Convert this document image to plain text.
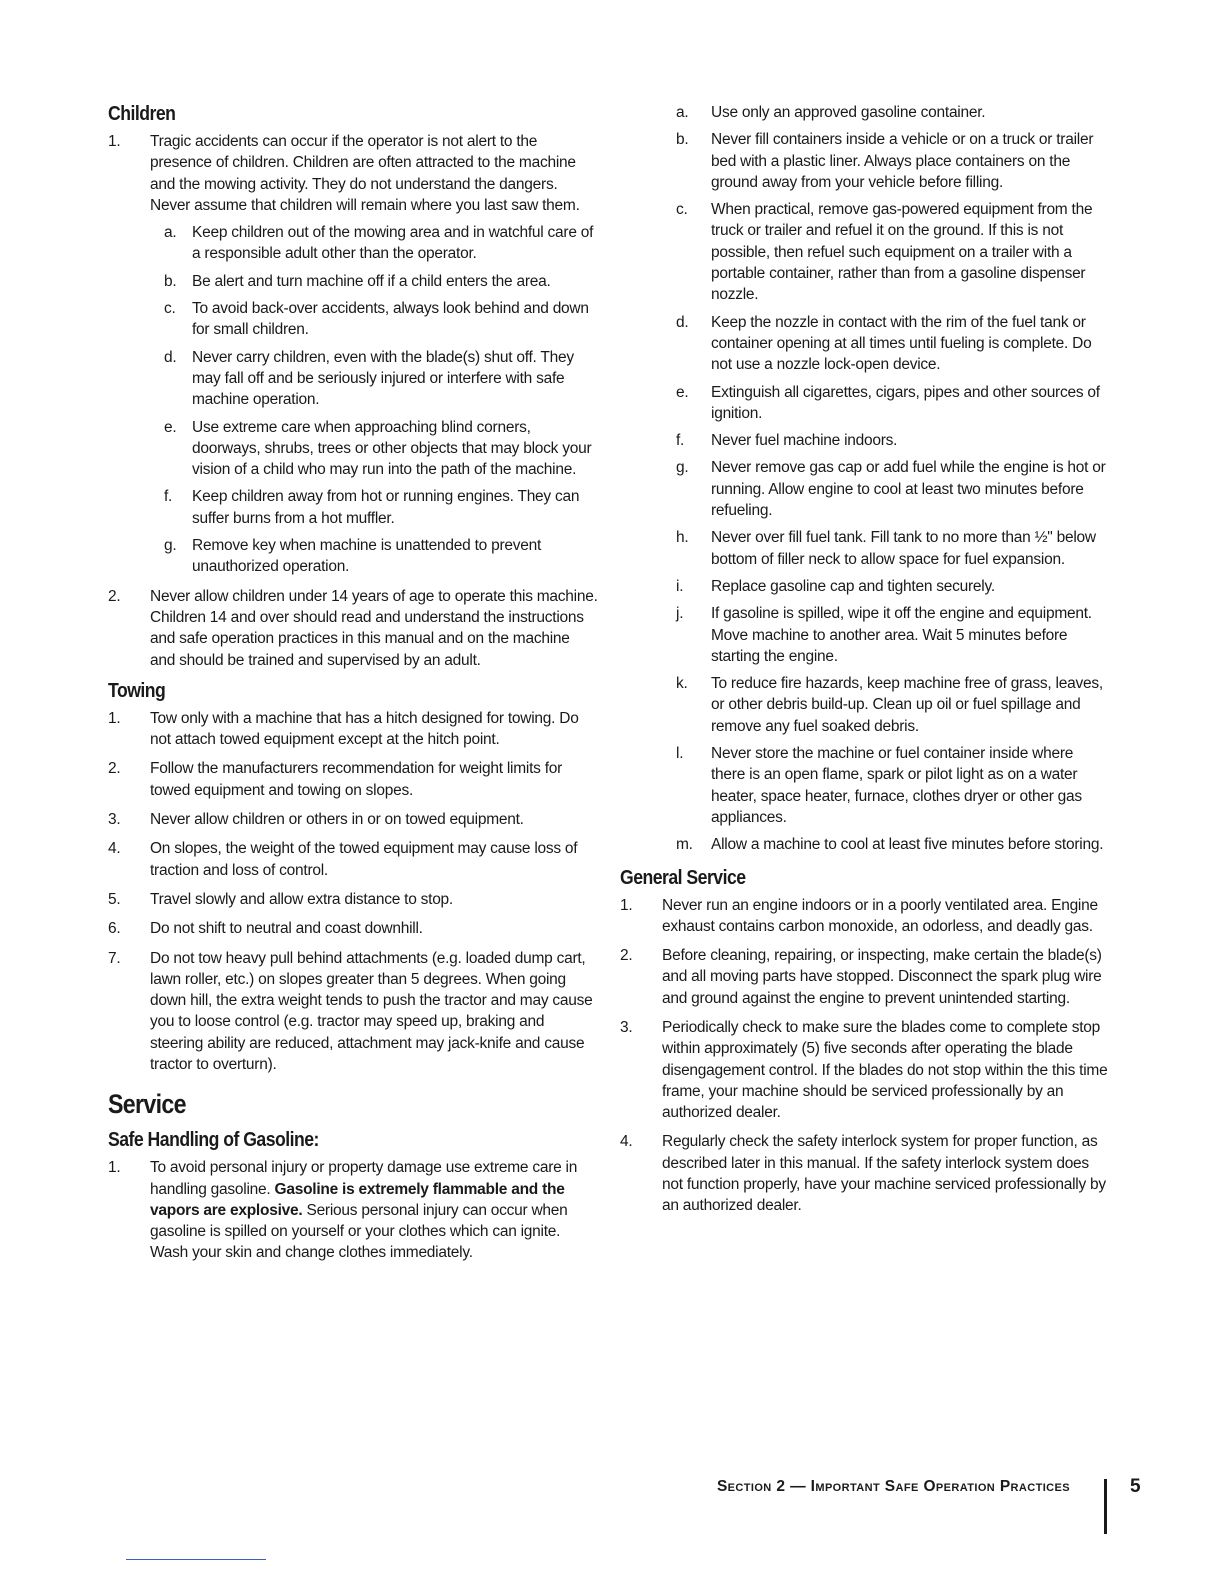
Children
1. Tragic accidents can occur if the operator is not alert to the presence of children. Children are often attracted to the machine and the mowing activity. They do not understand the dangers. Never assume that children will remain where you last saw them.
a. Keep children out of the mowing area and in watchful care of a responsible adult other than the operator.
b. Be alert and turn machine off if a child enters the area.
c. To avoid back-over accidents, always look behind and down for small children.
d. Never carry children, even with the blade(s) shut off. They may fall off and be seriously injured or interfere with safe machine operation.
e. Use extreme care when approaching blind corners, doorways, shrubs, trees or other objects that may block your vision of a child who may run into the path of the machine.
f. Keep children away from hot or running engines. They can suffer burns from a hot muffler.
g. Remove key when machine is unattended to prevent unauthorized operation.
2. Never allow children under 14 years of age to operate this machine. Children 14 and over should read and understand the instructions and safe operation practices in this manual and on the machine and should be trained and supervised by an adult.
Towing
1. Tow only with a machine that has a hitch designed for towing. Do not attach towed equipment except at the hitch point.
2. Follow the manufacturers recommendation for weight limits for towed equipment and towing on slopes.
3. Never allow children or others in or on towed equipment.
4. On slopes, the weight of the towed equipment may cause loss of traction and loss of control.
5. Travel slowly and allow extra distance to stop.
6. Do not shift to neutral and coast downhill.
7. Do not tow heavy pull behind attachments (e.g. loaded dump cart, lawn roller, etc.) on slopes greater than 5 degrees. When going down hill, the extra weight tends to push the tractor and may cause you to loose control (e.g. tractor may speed up, braking and steering ability are reduced, attachment may jack-knife and cause tractor to overturn).
Service
Safe Handling of Gasoline:
1. To avoid personal injury or property damage use extreme care in handling gasoline. Gasoline is extremely flammable and the vapors are explosive. Serious personal injury can occur when gasoline is spilled on yourself or your clothes which can ignite. Wash your skin and change clothes immediately.
a. Use only an approved gasoline container.
b. Never fill containers inside a vehicle or on a truck or trailer bed with a plastic liner. Always place containers on the ground away from your vehicle before filling.
c. When practical, remove gas-powered equipment from the truck or trailer and refuel it on the ground. If this is not possible, then refuel such equipment on a trailer with a portable container, rather than from a gasoline dispenser nozzle.
d. Keep the nozzle in contact with the rim of the fuel tank or container opening at all times until fueling is complete. Do not use a nozzle lock-open device.
e. Extinguish all cigarettes, cigars, pipes and other sources of ignition.
f. Never fuel machine indoors.
g. Never remove gas cap or add fuel while the engine is hot or running. Allow engine to cool at least two minutes before refueling.
h. Never over fill fuel tank. Fill tank to no more than ½" below bottom of filler neck to allow space for fuel expansion.
i. Replace gasoline cap and tighten securely.
j. If gasoline is spilled, wipe it off the engine and equipment. Move machine to another area. Wait 5 minutes before starting the engine.
k. To reduce fire hazards, keep machine free of grass, leaves, or other debris build-up. Clean up oil or fuel spillage and remove any fuel soaked debris.
l. Never store the machine or fuel container inside where there is an open flame, spark or pilot light as on a water heater, space heater, furnace, clothes dryer or other gas appliances.
m. Allow a machine to cool at least five minutes before storing.
General Service
1. Never run an engine indoors or in a poorly ventilated area. Engine exhaust contains carbon monoxide, an odorless, and deadly gas.
2. Before cleaning, repairing, or inspecting, make certain the blade(s) and all moving parts have stopped. Disconnect the spark plug wire and ground against the engine to prevent unintended starting.
3. Periodically check to make sure the blades come to complete stop within approximately (5) five seconds after operating the blade disengagement control. If the blades do not stop within the this time frame, your machine should be serviced professionally by an authorized dealer.
4. Regularly check the safety interlock system for proper function, as described later in this manual. If the safety interlock system does not function properly, have your machine serviced professionally by an authorized dealer.
Section 2 — Important Safe Operation Practices	5
